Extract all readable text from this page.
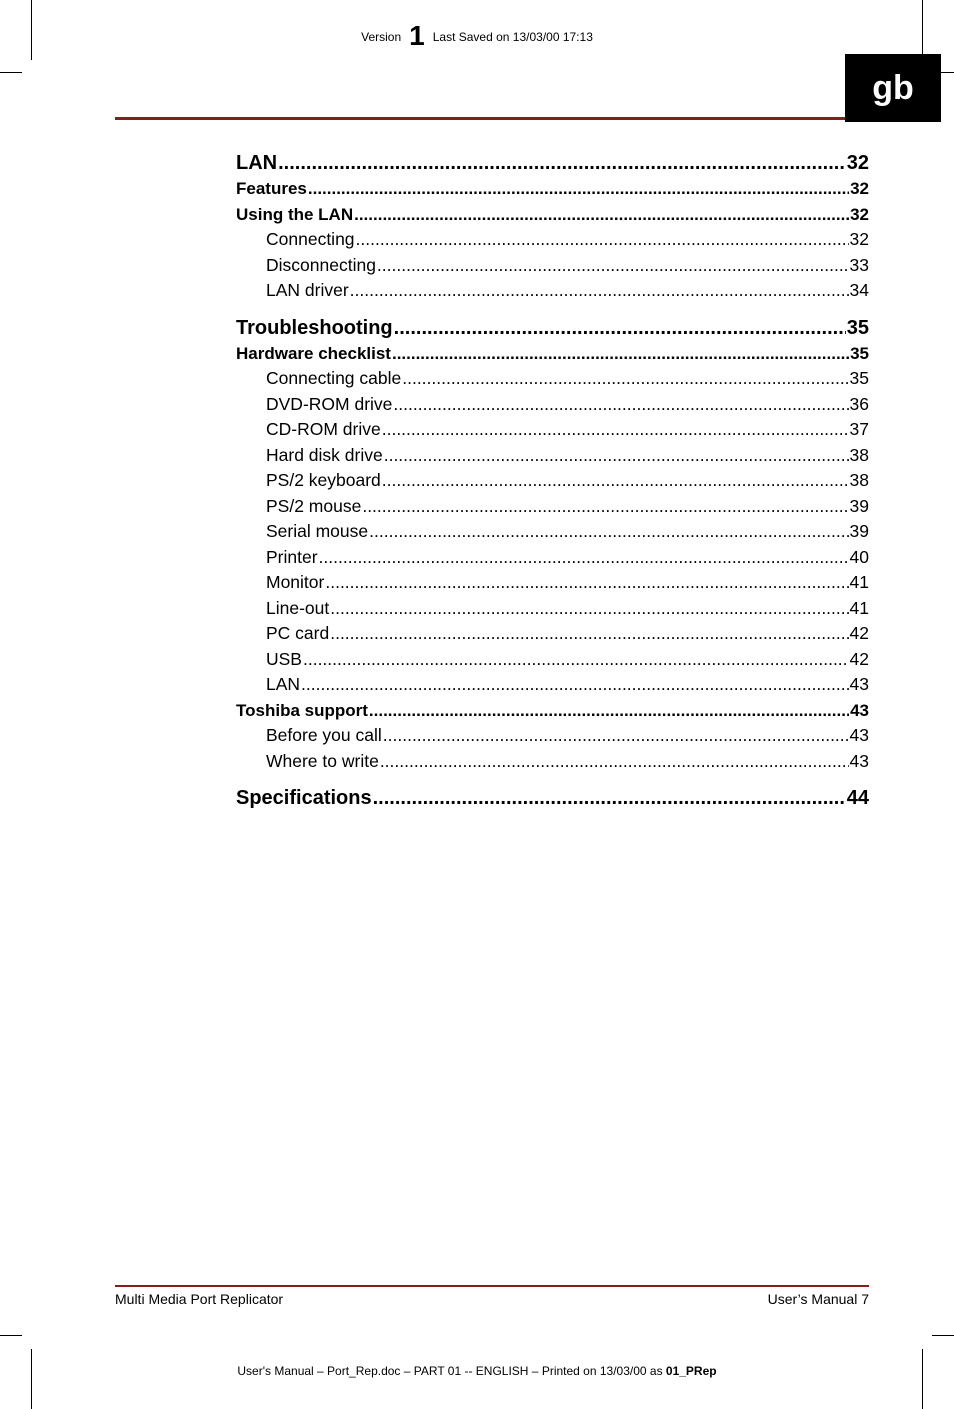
Version 1 Last Saved on 13/03/00 17:13
gb
LAN .....	32
Features .....	32
Using the LAN .....	32
Connecting .....	32
Disconnecting .....	33
LAN driver .....	34
Troubleshooting .....	35
Hardware checklist .....	35
Connecting cable .....	35
DVD-ROM drive .....	36
CD-ROM drive .....	37
Hard disk drive .....	38
PS/2 keyboard .....	38
PS/2 mouse .....	39
Serial mouse .....	39
Printer .....	40
Monitor .....	41
Line-out .....	41
PC card .....	42
USB .....	42
LAN .....	43
Toshiba support .....	43
Before you call .....	43
Where to write .....	43
Specifications .....	44
Multi Media Port Replicator	User’s Manual 7
User's Manual – Port_Rep.doc – PART 01 -- ENGLISH – Printed on 13/03/00 as 01_PRep
